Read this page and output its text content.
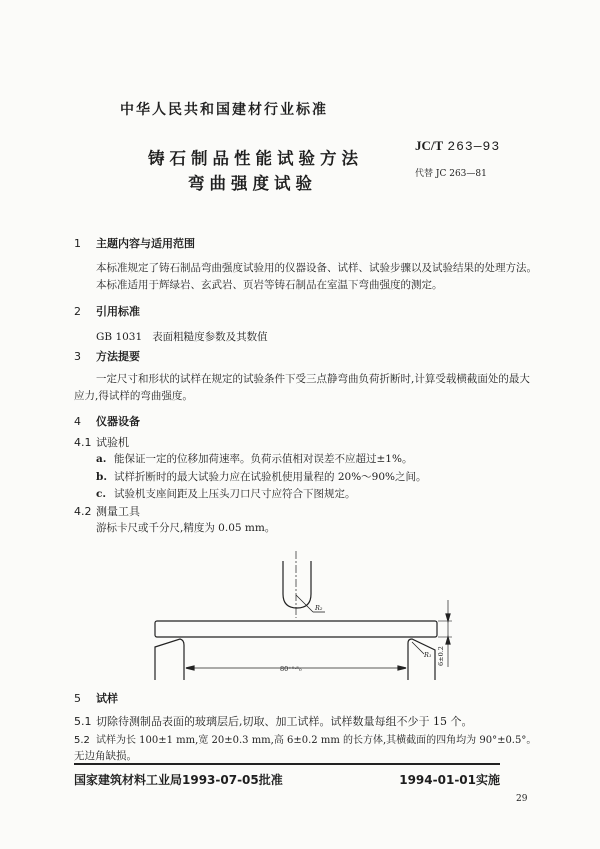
中华人民共和国建材行业标准
铸石制品性能试验方法
弯曲强度试验
JC/T 263—93
代替 JC 263—81
1 主题内容与适用范围
本标准规定了铸石制品弯曲强度试验用的仪器设备、试样、试验步骤以及试验结果的处理方法。
本标准适用于辉绿岩、玄武岩、页岩等铸石制品在室温下弯曲强度的测定。
2 引用标准
GB 1031 表面粗糙度参数及其数值
3 方法提要
一定尺寸和形状的试样在规定的试验条件下受三点静弯曲负荷折断时,计算受载横截面处的最大
应力,得试样的弯曲强度。
4 仪器设备
4.1 试验机
a. 能保证一定的位移加荷速率。负荷示值相对误差不应超过±1%。
b. 试样折断时的最大试验力应在试验机使用量程的 20%～90%之间。
c. 试验机支座间距及上压头刀口尺寸应符合下图规定。
4.2 测量工具
游标卡尺或千分尺,精度为 0.05 mm。
R₂
R₁
80⁺⁰·⁵₀
6±0.2
5 试样
5.1 切除待测制品表面的玻璃层后,切取、加工试样。试样数量每组不少于 15 个。
5.2 试样为长 100±1 mm,宽 20±0.3 mm,高 6±0.2 mm 的长方体,其横截面的四角均为 90°±0.5°。
无边角缺损。
国家建筑材料工业局1993-07-05批准	1994-01-01实施
29
